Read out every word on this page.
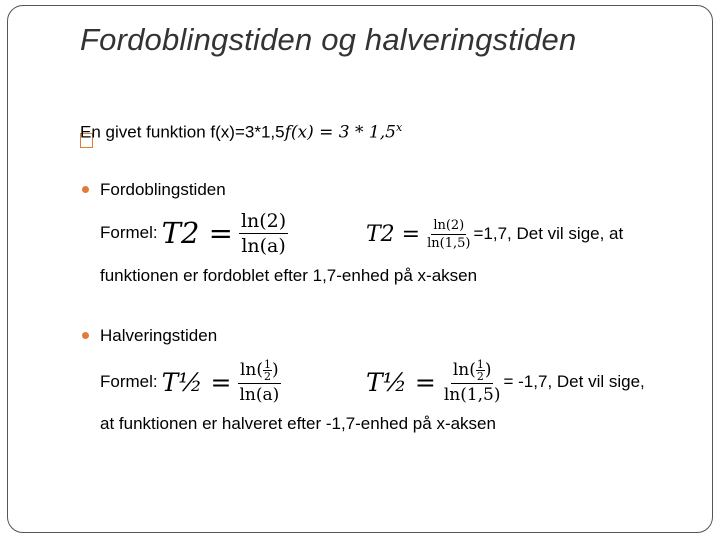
Fordoblingstiden og halveringstiden
En givet funktion f(x)=3*1,5f(x) = 3 * 1,5$^x$
Fordoblingstiden
Formel: $T2 = \frac{\ln(2)}{\ln(a)}$	$T2 = \frac{\ln(2)}{\ln(1,5)} =1,7$, Det vil sige, at
funktionen er fordoblet efter 1,7-enhed på x-aksen
Halveringstiden
Formel: T½ = $\frac{\ln( \frac{1}{2} )}{\ln(a)}$	T½ = $\frac{\ln( \frac{1}{2} )}{\ln(1,5)} = -1,7$, Det vil sige,
at funktionen er halveret efter -1,7-enhed på x-aksen
